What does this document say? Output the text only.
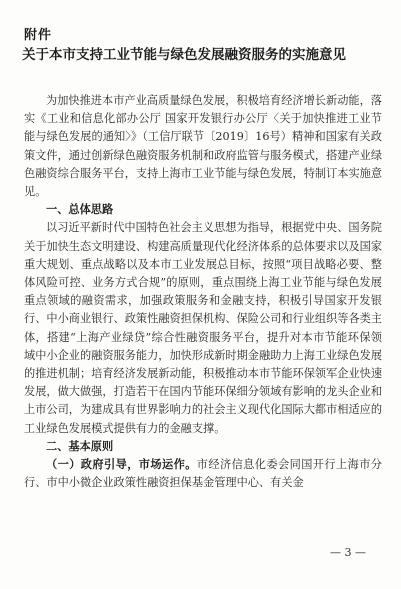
附件
关于本市支持工业节能与绿色发展融资服务的实施意见

为加快推进本市产业高质量绿色发展，积极培育经济增长新动能，落实《工业和信息化部办公厅 国家开发银行办公厅〈关于加快推进工业节能与绿色发展的通知〉》（工信厅联节〔2019〕16号）精神和国家有关政策文件，通过创新绿色融资服务机制和政府监管与服务模式，搭建产业绿色融资综合服务平台，支持上海市工业节能与绿色发展，特制订本实施意见。

一、总体思路

以习近平新时代中国特色社会主义思想为指导，根据党中央、国务院关于加快生态文明建设、构建高质量现代化经济体系的总体要求以及国家重大规划、重点战略以及本市工业发展总目标，按照“项目战略必要、整体风险可控、业务方式合规”的原则，重点围绕上海工业节能与绿色发展重点领域的融资需求，加强政策服务和金融支持，积极引导国家开发银行、中小商业银行、政策性融资担保机构、保险公司和行业组织等各类主体，搭建“上海产业绿贷”综合性融资服务平台，提升对本市节能环保领域中小企业的融资服务能力，加快形成新时期金融助力上海工业绿色发展的推进机制；培育经济发展新动能，积极推动本市节能环保领军企业快速发展，做大做强，打造若干在国内节能环保细分领域有影响的龙头企业和上市公司，为建成具有世界影响力的社会主义现代化国际大都市相适应的工业绿色发展模式提供有力的金融支撑。

二、基本原则

（一）政府引导，市场运作。市经济信息化委会同国开行上海市分行、市中小微企业政策性融资担保基金管理中心、有关金

— 3 —
